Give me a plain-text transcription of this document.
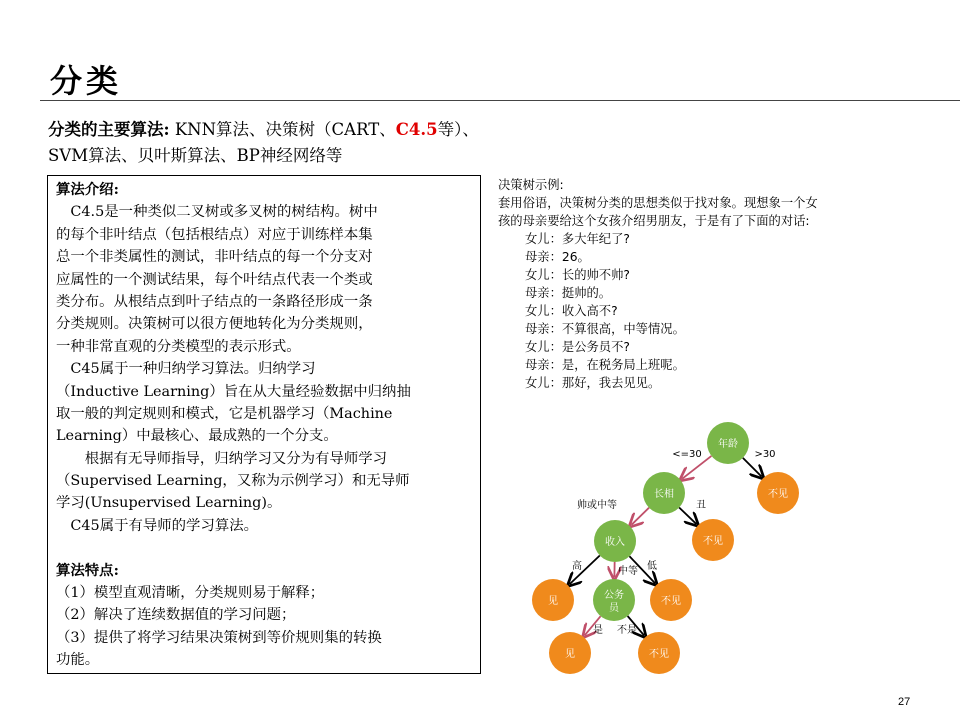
分类
分类的主要算法: KNN算法、决策树（CART、C4.5等）、
SVM算法、贝叶斯算法、BP神经网络等
算法介绍:
　C4.5是一种类似二叉树或多叉树的树结构。树中
的每个非叶结点（包括根结点）对应于训练样本集
总一个非类属性的测试，非叶结点的每一个分支对
应属性的一个测试结果，每个叶结点代表一个类或
类分布。从根结点到叶子结点的一条路径形成一条
分类规则。决策树可以很方便地转化为分类规则，
一种非常直观的分类模型的表示形式。
　C45属于一种归纳学习算法。归纳学习
（Inductive Learning）旨在从大量经验数据中归纳抽
取一般的判定规则和模式，它是机器学习（Machine
Learning）中最核心、最成熟的一个分支。
　　根据有无导师指导，归纳学习又分为有导师学习
（Supervised Learning，又称为示例学习）和无导师
学习(Unsupervised Learning)。
　C45属于有导师的学习算法。
算法特点:
（1）模型直观清晰，分类规则易于解释；
（2）解决了连续数据值的学习问题；
（3）提供了将学习结果决策树到等价规则集的转换
功能。
决策树示例:
套用俗语，决策树分类的思想类似于找对象。现想象一个女
孩的母亲要给这个女孩介绍男朋友，于是有了下面的对话:
女儿：多大年纪了?
母亲：26。
女儿：长的帅不帅?
母亲：挺帅的。
女儿：收入高不?
母亲：不算很高，中等情况。
女儿：是公务员不?
母亲：是，在税务局上班呢。
女儿：那好，我去见见。
<=30	>30
帅或中等	丑
高	中等 低
是 不是
年龄
长相	不见
收入	不见
见
公务
员
不见
见	不见
27
